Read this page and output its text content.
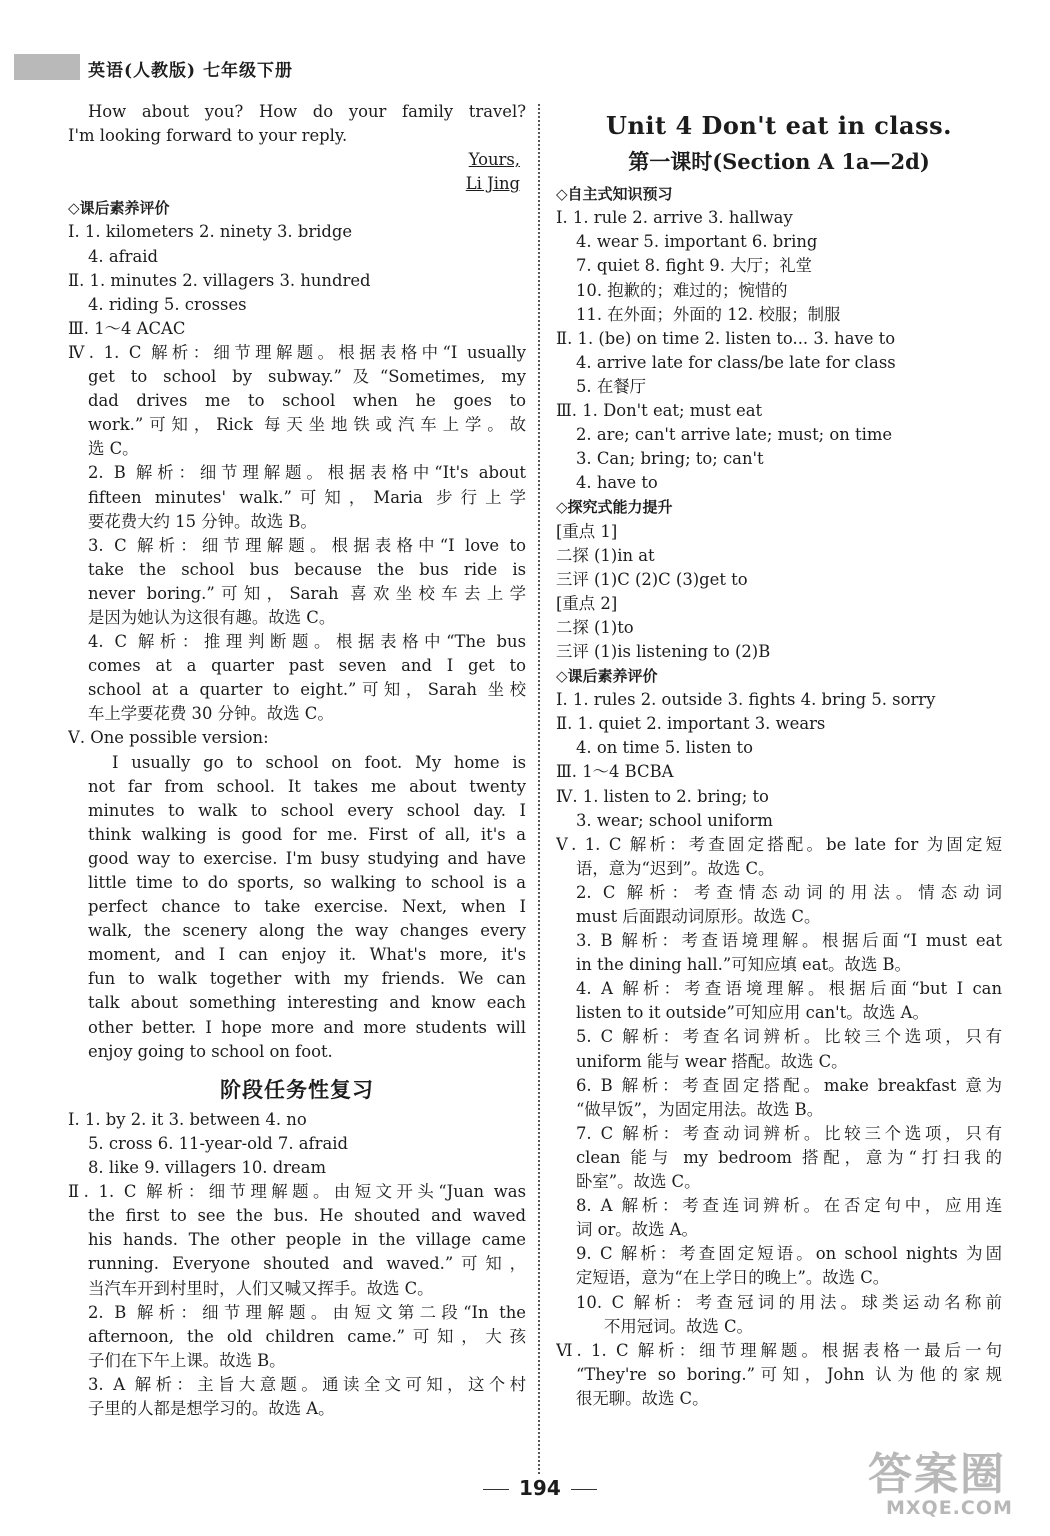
英语(人教版) 七年级下册
How about you? How do your family travel?
I'm looking forward to your reply.
Yours,
Li Jing
◇课后素养评价
Ⅰ. 1. kilometers 2. ninety 3. bridge
4. afraid
Ⅱ. 1. minutes 2. villagers 3. hundred
4. riding 5. crosses
Ⅲ. 1～4 ACAC
Ⅳ. 1. C 解析：细节理解题。根据表格中“I usually
get to school by subway.”及“Sometimes, my
dad drives me to school when he goes to
work.”可知，Rick 每天坐地铁或汽车上学。故
选 C。
2. B 解析：细节理解题。根据表格中“It's about
fifteen minutes' walk.”可知，Maria 步行上学
要花费大约 15 分钟。故选 B。
3. C 解析：细节理解题。根据表格中“I love to
take the school bus because the bus ride is
never boring.”可知，Sarah 喜欢坐校车去上学
是因为她认为这很有趣。故选 C。
4. C 解析：推理判断题。根据表格中“The bus
comes at a quarter past seven and I get to
school at a quarter to eight.”可知，Sarah 坐校
车上学要花费 30 分钟。故选 C。
Ⅴ. One possible version:
I usually go to school on foot. My home is
not far from school. It takes me about twenty
minutes to walk to school every school day. I
think walking is good for me. First of all, it's a
good way to exercise. I'm busy studying and have
little time to do sports, so walking to school is a
perfect chance to take exercise. Next, when I
walk, the scenery along the way changes every
moment, and I can enjoy it. What's more, it's
fun to walk together with my friends. We can
talk about something interesting and know each
other better. I hope more and more students will
enjoy going to school on foot.
阶段任务性复习
Ⅰ. 1. by 2. it 3. between 4. no
5. cross 6. 11-year-old 7. afraid
8. like 9. villagers 10. dream
Ⅱ. 1. C 解析：细节理解题。由短文开头“Juan was
the first to see the bus. He shouted and waved
his hands. The other people in the village came
running. Everyone shouted and waved.”可知，
当汽车开到村里时，人们又喊又挥手。故选 C。
2. B 解析：细节理解题。由短文第二段“In the
afternoon, the old children came.”可知，大孩
子们在下午上课。故选 B。
3. A 解析：主旨大意题。通读全文可知，这个村
子里的人都是想学习的。故选 A。
Unit 4 Don't eat in class.
第一课时(Section A 1a—2d)
◇自主式知识预习
Ⅰ. 1. rule 2. arrive 3. hallway
4. wear 5. important 6. bring
7. quiet 8. fight 9. 大厅；礼堂
10. 抱歉的；难过的；惋惜的
11. 在外面；外面的 12. 校服；制服
Ⅱ. 1. (be) on time 2. listen to... 3. have to
4. arrive late for class/be late for class
5. 在餐厅
Ⅲ. 1. Don't eat; must eat
2. are; can't arrive late; must; on time
3. Can; bring; to; can't
4. have to
◇探究式能力提升
[重点 1]
二探 (1)in at
三评 (1)C (2)C (3)get to
[重点 2]
二探 (1)to
三评 (1)is listening to (2)B
◇课后素养评价
Ⅰ. 1. rules 2. outside 3. fights 4. bring 5. sorry
Ⅱ. 1. quiet 2. important 3. wears
4. on time 5. listen to
Ⅲ. 1～4 BCBA
Ⅳ. 1. listen to 2. bring; to
3. wear; school uniform
Ⅴ. 1. C 解析：考查固定搭配。be late for 为固定短
语，意为“迟到”。故选 C。
2. C 解析：考查情态动词的用法。情态动词
must 后面跟动词原形。故选 C。
3. B 解析：考查语境理解。根据后面“I must eat
in the dining hall.”可知应填 eat。故选 B。
4. A 解析：考查语境理解。根据后面“but I can
listen to it outside”可知应用 can't。故选 A。
5. C 解析：考查名词辨析。比较三个选项，只有
uniform 能与 wear 搭配。故选 C。
6. B 解析：考查固定搭配。make breakfast 意为
“做早饭”，为固定用法。故选 B。
7. C 解析：考查动词辨析。比较三个选项，只有
clean 能与 my bedroom 搭配，意为“打扫我的
卧室”。故选 C。
8. A 解析：考查连词辨析。在否定句中，应用连
词 or。故选 A。
9. C 解析：考查固定短语。on school nights 为固
定短语，意为“在上学日的晚上”。故选 C。
10. C 解析：考查冠词的用法。球类运动名称前
不用冠词。故选 C。
Ⅵ. 1. C 解析：细节理解题。根据表格一最后一句
“They're so boring.”可知，John 认为他的家规
很无聊。故选 C。
194	答案圈
MXQE.COM
